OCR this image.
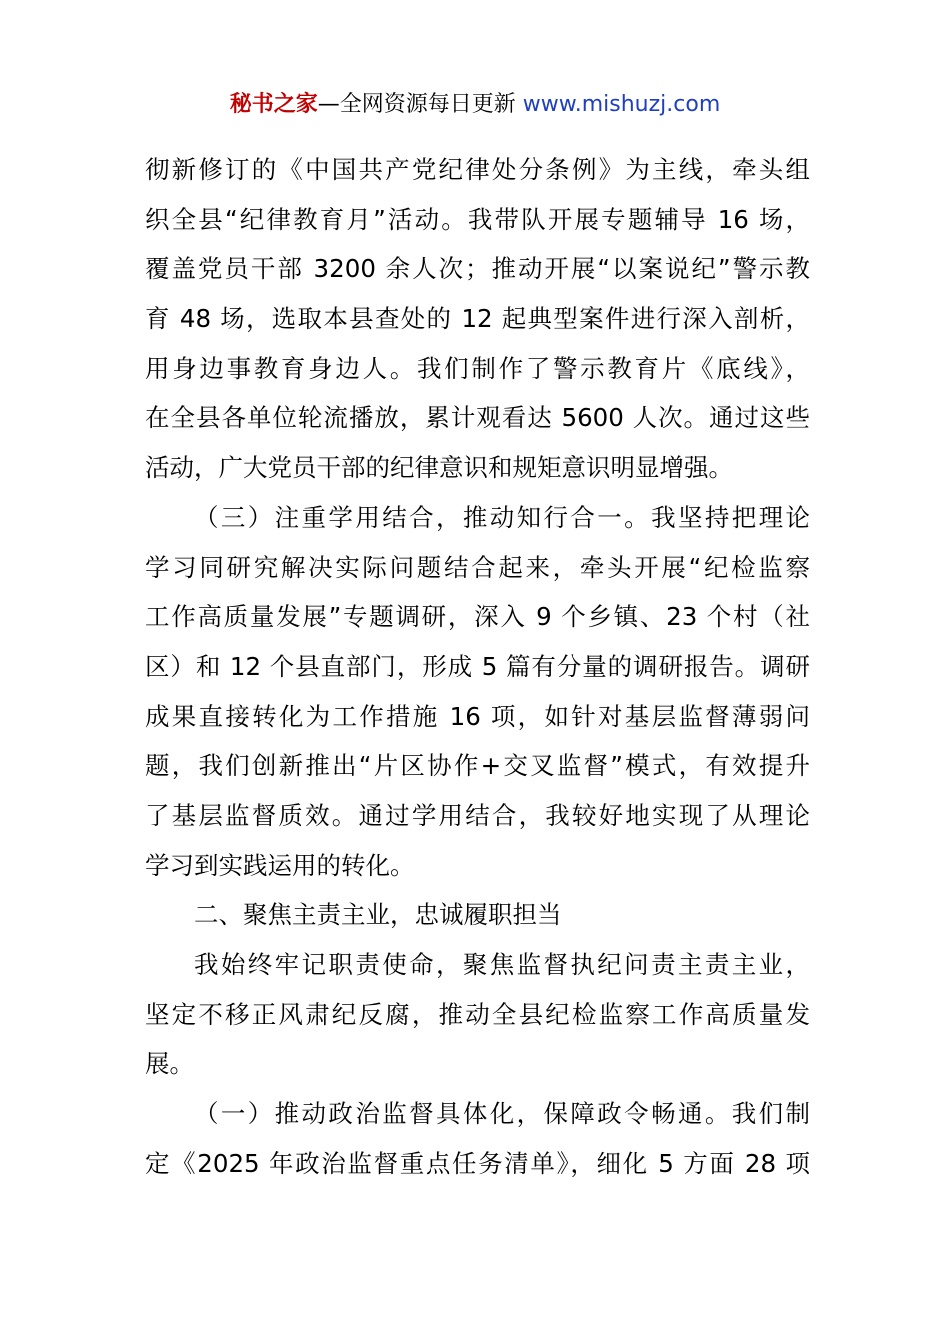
秘书之家—全网资源每日更新 www.mishuzj.com
彻新修订的《中国共产党纪律处分条例》为主线，牵头组
织全县“纪律教育月”活动。我带队开展专题辅导 16 场，
覆盖党员干部 3200 余人次；推动开展“以案说纪”警示教
育 48 场，选取本县查处的 12 起典型案件进行深入剖析，
用身边事教育身边人。我们制作了警示教育片《底线》，
在全县各单位轮流播放，累计观看达 5600 人次。通过这些
活动，广大党员干部的纪律意识和规矩意识明显增强。
（三）注重学用结合，推动知行合一。我坚持把理论
学习同研究解决实际问题结合起来，牵头开展“纪检监察
工作高质量发展”专题调研，深入 9 个乡镇、23 个村（社
区）和 12 个县直部门，形成 5 篇有分量的调研报告。调研
成果直接转化为工作措施 16 项，如针对基层监督薄弱问
题，我们创新推出“片区协作+交叉监督”模式，有效提升
了基层监督质效。通过学用结合，我较好地实现了从理论
学习到实践运用的转化。
二、聚焦主责主业，忠诚履职担当
我始终牢记职责使命，聚焦监督执纪问责主责主业，
坚定不移正风肃纪反腐，推动全县纪检监察工作高质量发
展。
（一）推动政治监督具体化，保障政令畅通。我们制
定《2025 年政治监督重点任务清单》，细化 5 方面 28 项
